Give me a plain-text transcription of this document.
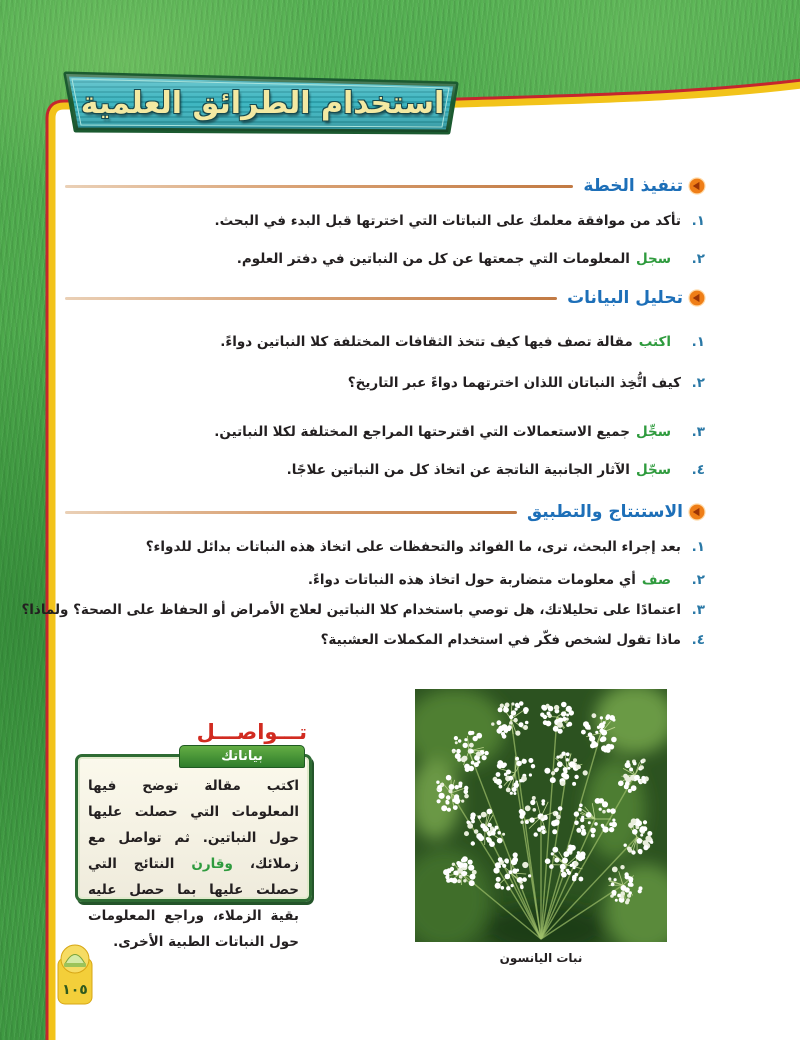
استخدام الطرائق العلمية
تنفيذ الخطة
١.
تأكد من موافقة معلمك على النباتات التي اخترتها قبل البدء في البحث.
٢.
سجل
المعلومات التي جمعتها عن كل من النباتين في دفتر العلوم.
تحليل البيانات
١.
اكتب
مقالة تصف فيها كيف تتخذ الثقافات المختلفة كلا النباتين دواءً.
٢.
كيف اتُّخِذ النباتان اللذان اخترتهما دواءً عبر التاريخ؟
٣.
سجِّل
جميع الاستعمالات التي اقترحتها المراجع المختلفة لكلا النباتين.
٤.
سجّل
الآثار الجانبية الناتجة عن اتخاذ كل من النباتين علاجًا.
الاستنتاج والتطبيق
١.
بعد إجراء البحث، ترى، ما الفوائد والتحفظات على اتخاذ هذه النباتات بدائل للدواء؟
٢.
صف
أي معلومات متضاربة حول اتخاذ هذه النباتات دواءً.
٣.
اعتمادًا على تحليلاتك، هل توصي باستخدام كلا النباتين لعلاج الأمراض أو الحفاظ على الصحة؟ ولماذا؟
٤.
ماذا تقول لشخص فكّر في استخدام المكملات العشبية؟
تـــواصـــل
بياناتك
اكتب مقالة توضح فيها المعلومات التي حصلت عليها حول النباتين. ثم تواصل مع زملائك، وقارن النتائج التي حصلت عليها بما حصل عليه بقية الزملاء، وراجع المعلومات حول النباتات الطبية الأخرى.
نبات اليانسون
١٠٥
